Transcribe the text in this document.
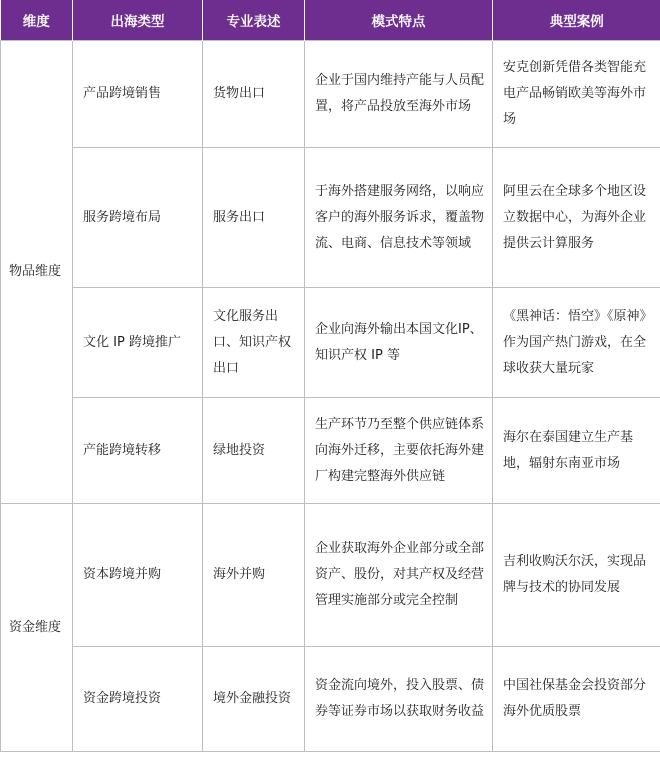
维度	出海类型	专业表述	模式特点	典型案例
物品维度	产品跨境销售	货物出口	企业于国内维持产能与人员配置，将产品投放至海外市场	安克创新凭借各类智能充电产品畅销欧美等海外市场
	服务跨境布局	服务出口	于海外搭建服务网络，以响应客户的海外服务诉求，覆盖物流、电商、信息技术等领域	阿里云在全球多个地区设立数据中心，为海外企业提供云计算服务
	文化 IP 跨境推广	文化服务出口、知识产权出口	企业向海外输出本国文化IP、知识产权 IP 等	《黑神话：悟空》《原神》作为国产热门游戏，在全球收获大量玩家
	产能跨境转移	绿地投资	生产环节乃至整个供应链体系向海外迁移，主要依托海外建厂构建完整海外供应链	海尔在泰国建立生产基地，辐射东南亚市场
资金维度	资本跨境并购	海外并购	企业获取海外企业部分或全部资产、股份，对其产权及经营管理实施部分或完全控制	吉利收购沃尔沃，实现品牌与技术的协同发展
	资金跨境投资	境外金融投资	资金流向境外，投入股票、债券等证券市场以获取财务收益	中国社保基金会投资部分海外优质股票
